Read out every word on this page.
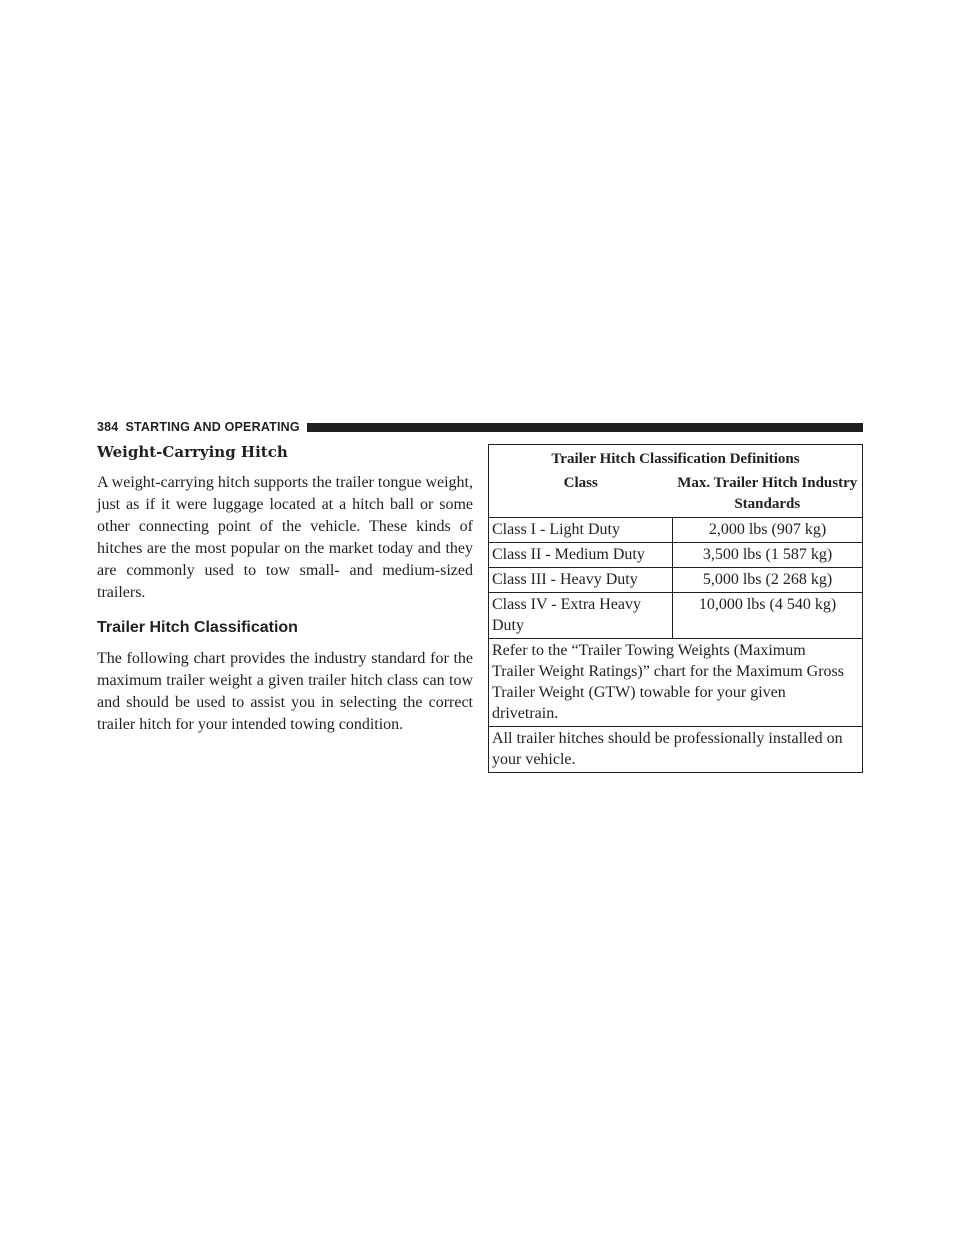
384 STARTING AND OPERATING
Weight-Carrying Hitch

A weight-carrying hitch supports the trailer tongue weight, just as if it were luggage located at a hitch ball or some other connecting point of the vehicle. These kinds of hitches are the most popular on the market today and they are commonly used to tow small- and medium-sized trailers.

Trailer Hitch Classification

The following chart provides the industry standard for the maximum trailer weight a given trailer hitch class can tow and should be used to assist you in selecting the correct trailer hitch for your intended towing condition.

Trailer Hitch Classification Definitions	
Class	Max. Trailer Hitch Industry Standards
Class I - Light Duty	2,000 lbs (907 kg)
Class II - Medium Duty	3,500 lbs (1 587 kg)
Class III - Heavy Duty	5,000 lbs (2 268 kg)
Class IV - Extra Heavy Duty	10,000 lbs (4 540 kg)
Refer to the “Trailer Towing Weights (Maximum Trailer Weight Ratings)” chart for the Maximum Gross Trailer Weight (GTW) towable for your given drivetrain.	
All trailer hitches should be professionally installed on your vehicle.	
